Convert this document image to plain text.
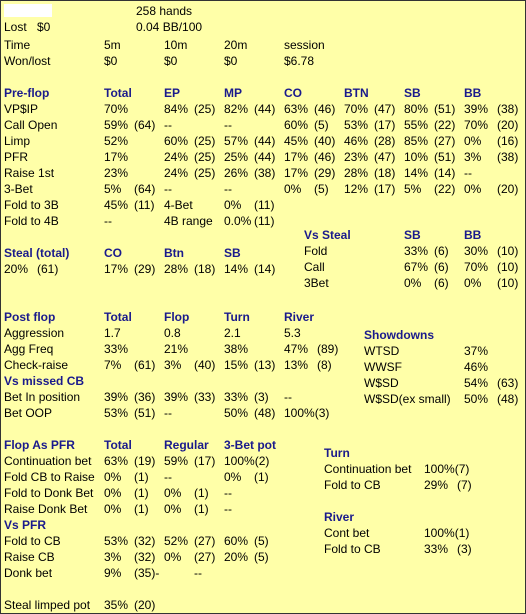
258 hands
Lost $0	0.04 BB/100
Time	5m	10m	20m	session
Won/lost	$0	$0	$0	$6.78
Pre-flop	Total	EP	MP	CO	BTN	SB	BB
VP$IP	70%	84% (25) 82% (44) 63% (46) 70% (47) 80% (51) 39% (38)
Call Open	59% (64) --	--	60% (5) 53% (17) 55% (22) 70% (20)
Limp	52%	60% (25) 57% (44) 45% (40) 46% (28) 85% (27) 0% (16)
PFR	17%	24% (25) 25% (44) 17% (46) 23% (47) 10% (51) 3% (38)
Raise 1st	23%	24% (25) 26% (38) 17% (29) 28% (18) 14% (14) --
3-Bet	5% (64) --	--	0% (5) 12% (17) 5% (22) 0% (20)
Fold to 3B	45% (11) 4-Bet	0% (11)
Fold to 4B	--	4B range 0.0% (11)
Steal (total)	CO	Btn	SB
20% (61)	17% (29) 28% (18) 14% (14)
Vs Steal	SB	BB
Fold	33% (6) 30% (10)
Call	67% (6) 70% (10)
3Bet	0% (6) 0% (10)
Post flop	Total	Flop	Turn	River
Aggression	1.7	0.8	2.1	5.3
Agg Freq	33%	21%	38%	47% (89)
Check-raise	7% (61) 3% (40) 15% (13) 13% (8)
Vs missed CB
Bet In position 39% (36) 39% (33) 33% (3) --
Bet OOP	53% (51) --	50% (48) 100%(3)
Showdowns
WTSD	37%
WWSF	46%
W$SD	54% (63)
W$SD(ex small) 50% (48)
Flop As PFR Total	Regular 3-Bet pot
Continuation bet 63% (19) 59% (17) 100%(2)
Fold CB to Raise 0% (1) --	0% (1)
Fold to Donk Bet 0% (1) 0% (1) --
Raise Donk Bet 0% (1) 0% (1) --
Vs PFR
Fold to CB	53% (32) 52% (27) 60% (5)
Raise CB	3% (32) 0% (27) 20% (5)
Donk bet	9% (35)-	--
Steal limped pot 35% (20)
Turn
Continuation bet 100%(7)
Fold to CB	29% (7)
River
Cont bet	100%(1)
Fold to CB	33% (3)
